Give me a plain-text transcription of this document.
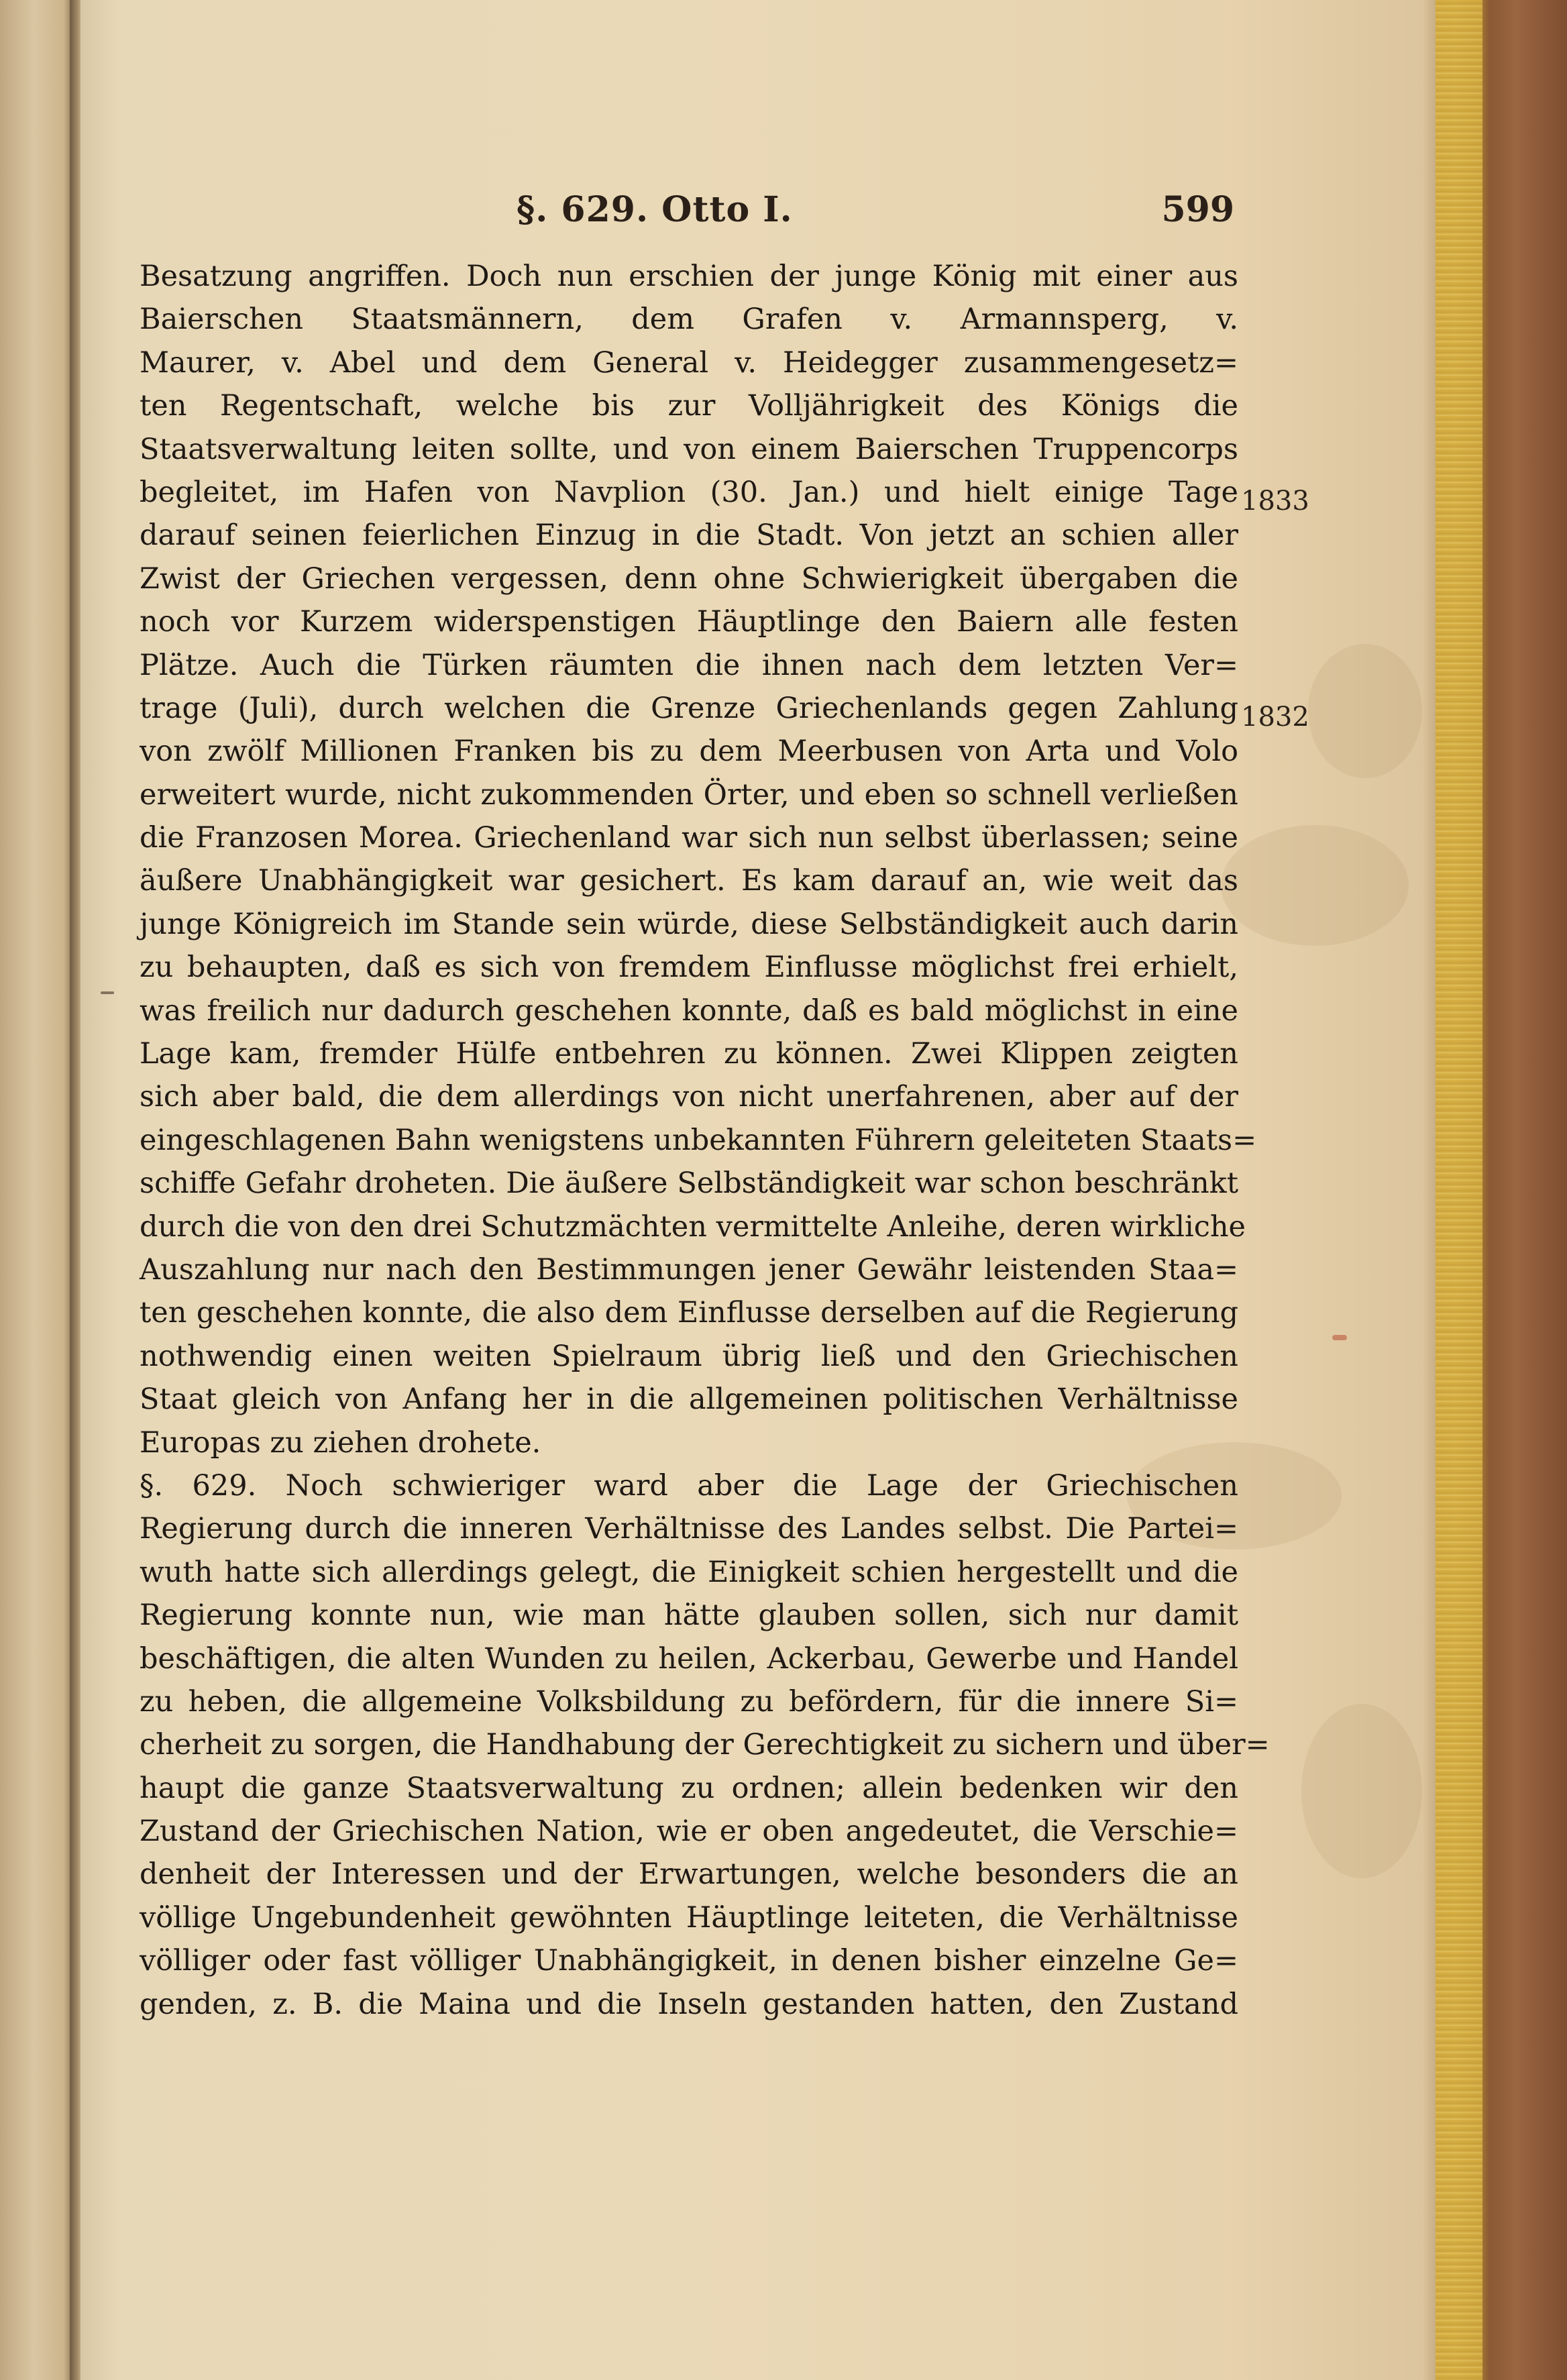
§. 629. Otto I.	599
Besatzung angriffen. Doch nun erschien der junge König mit einer aus
Baierschen Staatsmännern, dem Grafen v. Armannsperg, v.
Maurer, v. Abel und dem General v. Heidegger zusammengesetz=
ten Regentschaft, welche bis zur Volljährigkeit des Königs die
Staatsverwaltung leiten sollte, und von einem Baierschen Truppencorps
begleitet, im Hafen von Navplion (30. Jan.) und hielt einige Tage
darauf seinen feierlichen Einzug in die Stadt. Von jetzt an schien aller
Zwist der Griechen vergessen, denn ohne Schwierigkeit übergaben die
noch vor Kurzem widerspenstigen Häuptlinge den Baiern alle festen
Plätze. Auch die Türken räumten die ihnen nach dem letzten Ver=
trage (Juli), durch welchen die Grenze Griechenlands gegen Zahlung
von zwölf Millionen Franken bis zu dem Meerbusen von Arta und Volo
erweitert wurde, nicht zukommenden Örter, und eben so schnell verließen
die Franzosen Morea. Griechenland war sich nun selbst überlassen; seine
äußere Unabhängigkeit war gesichert. Es kam darauf an, wie weit das
junge Königreich im Stande sein würde, diese Selbständigkeit auch darin
zu behaupten, daß es sich von fremdem Einflusse möglichst frei erhielt,
was freilich nur dadurch geschehen konnte, daß es bald möglichst in eine
Lage kam, fremder Hülfe entbehren zu können. Zwei Klippen zeigten
sich aber bald, die dem allerdings von nicht unerfahrenen, aber auf der
eingeschlagenen Bahn wenigstens unbekannten Führern geleiteten Staats=
schiffe Gefahr droheten. Die äußere Selbständigkeit war schon beschränkt
durch die von den drei Schutzmächten vermittelte Anleihe, deren wirkliche
Auszahlung nur nach den Bestimmungen jener Gewähr leistenden Staa=
ten geschehen konnte, die also dem Einflusse derselben auf die Regierung
nothwendig einen weiten Spielraum übrig ließ und den Griechischen
Staat gleich von Anfang her in die allgemeinen politischen Verhältnisse
Europas zu ziehen drohete.
§. 629. Noch schwieriger ward aber die Lage der Griechischen
Regierung durch die inneren Verhältnisse des Landes selbst. Die Partei=
wuth hatte sich allerdings gelegt, die Einigkeit schien hergestellt und die
Regierung konnte nun, wie man hätte glauben sollen, sich nur damit
beschäftigen, die alten Wunden zu heilen, Ackerbau, Gewerbe und Handel
zu heben, die allgemeine Volksbildung zu befördern, für die innere Si=
cherheit zu sorgen, die Handhabung der Gerechtigkeit zu sichern und über=
haupt die ganze Staatsverwaltung zu ordnen; allein bedenken wir den
Zustand der Griechischen Nation, wie er oben angedeutet, die Verschie=
denheit der Interessen und der Erwartungen, welche besonders die an
völlige Ungebundenheit gewöhnten Häuptlinge leiteten, die Verhältnisse
völliger oder fast völliger Unabhängigkeit, in denen bisher einzelne Ge=
genden, z. B. die Maina und die Inseln gestanden hatten, den Zustand
1833
1832
